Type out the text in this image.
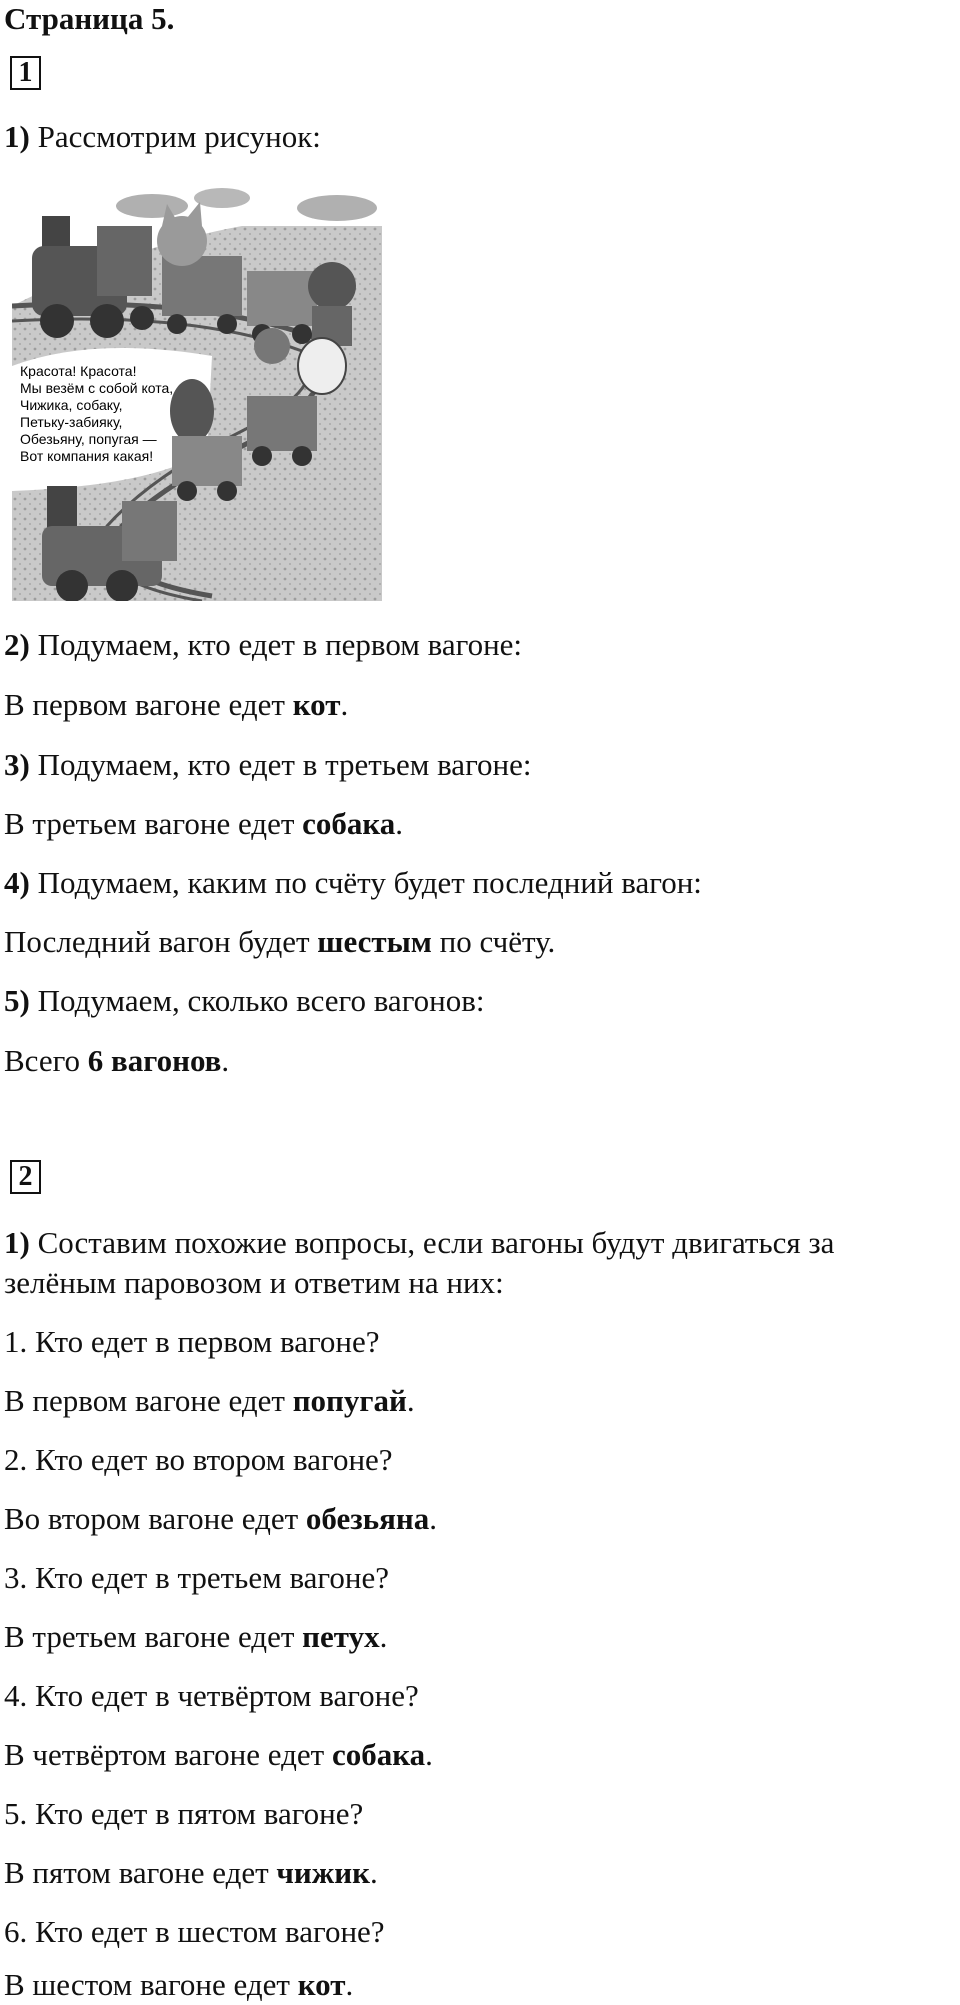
Страница 5.
1
1) Рассмотрим рисунок:
Красота! Красота!
Мы везём с собой кота,
Чижика, собаку,
Петьку-забияку,
Обезьяну, попугая —
Вот компания какая!
2) Подумаем, кто едет в первом вагоне:
В первом вагоне едет кот.
3) Подумаем, кто едет в третьем вагоне:
В третьем вагоне едет собака.
4) Подумаем, каким по счёту будет последний вагон:
Последний вагон будет шестым по счёту.
5) Подумаем, сколько всего вагонов:
Всего 6 вагонов.
2
1) Составим похожие вопросы, если вагоны будут двигаться за
зелёным паровозом и ответим на них:
1. Кто едет в первом вагоне?
В первом вагоне едет попугай.
2. Кто едет во втором вагоне?
Во втором вагоне едет обезьяна.
3. Кто едет в третьем вагоне?
В третьем вагоне едет петух.
4. Кто едет в четвёртом вагоне?
В четвёртом вагоне едет собака.
5. Кто едет в пятом вагоне?
В пятом вагоне едет чижик.
6. Кто едет в шестом вагоне?
В шестом вагоне едет кот.
